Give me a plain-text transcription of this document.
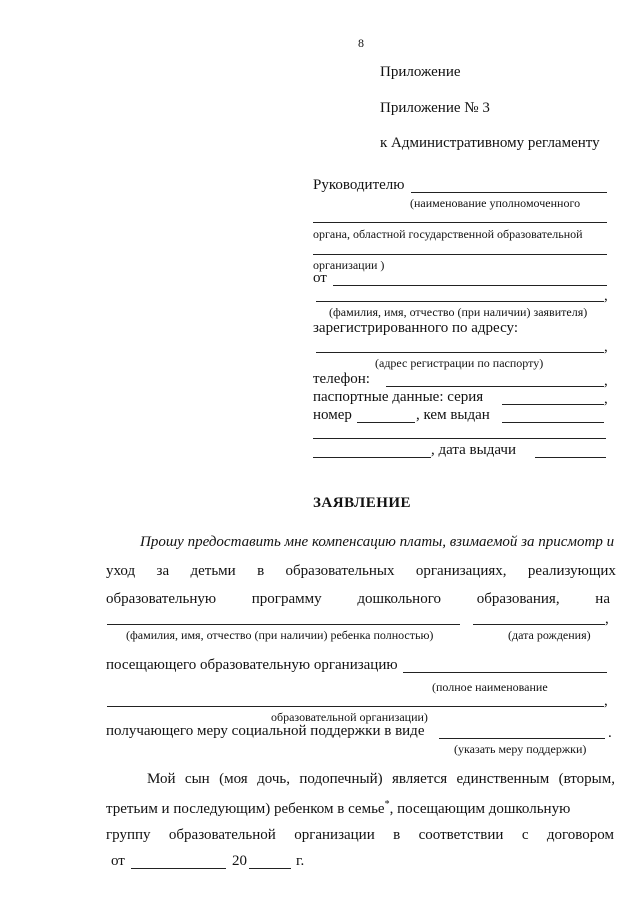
8
Приложение
Приложение № 3
к Административному регламенту
Руководителю
(наименование уполномоченного
органа, областной государственной образовательной
организации )
от
,
(фамилия, имя, отчество (при наличии) заявителя)
зарегистрированного по адресу:
,
(адрес регистрации по паспорту)
телефон:	,
паспортные данные: серия	,
номер	, кем выдан
, дата выдачи
ЗАЯВЛЕНИЕ
Прошу предоставить мне компенсацию платы, взимаемой за присмотр и
уход за детьми в образовательных организациях, реализующих
образовательную программу дошкольного образования, на
,
(фамилия, имя, отчество (при наличии) ребенка полностью)	(дата рождения)
посещающего образовательную организацию
(полное наименование
,
образовательной организации)
получающего меру социальной поддержки в виде	.
(указать меру поддержки)
Мой сын (моя дочь, подопечный) является единственным (вторым,
третьим и последующим) ребенком в семье*, посещающим дошкольную
группу образовательной организации в соответствии с договором
от	20	г.
